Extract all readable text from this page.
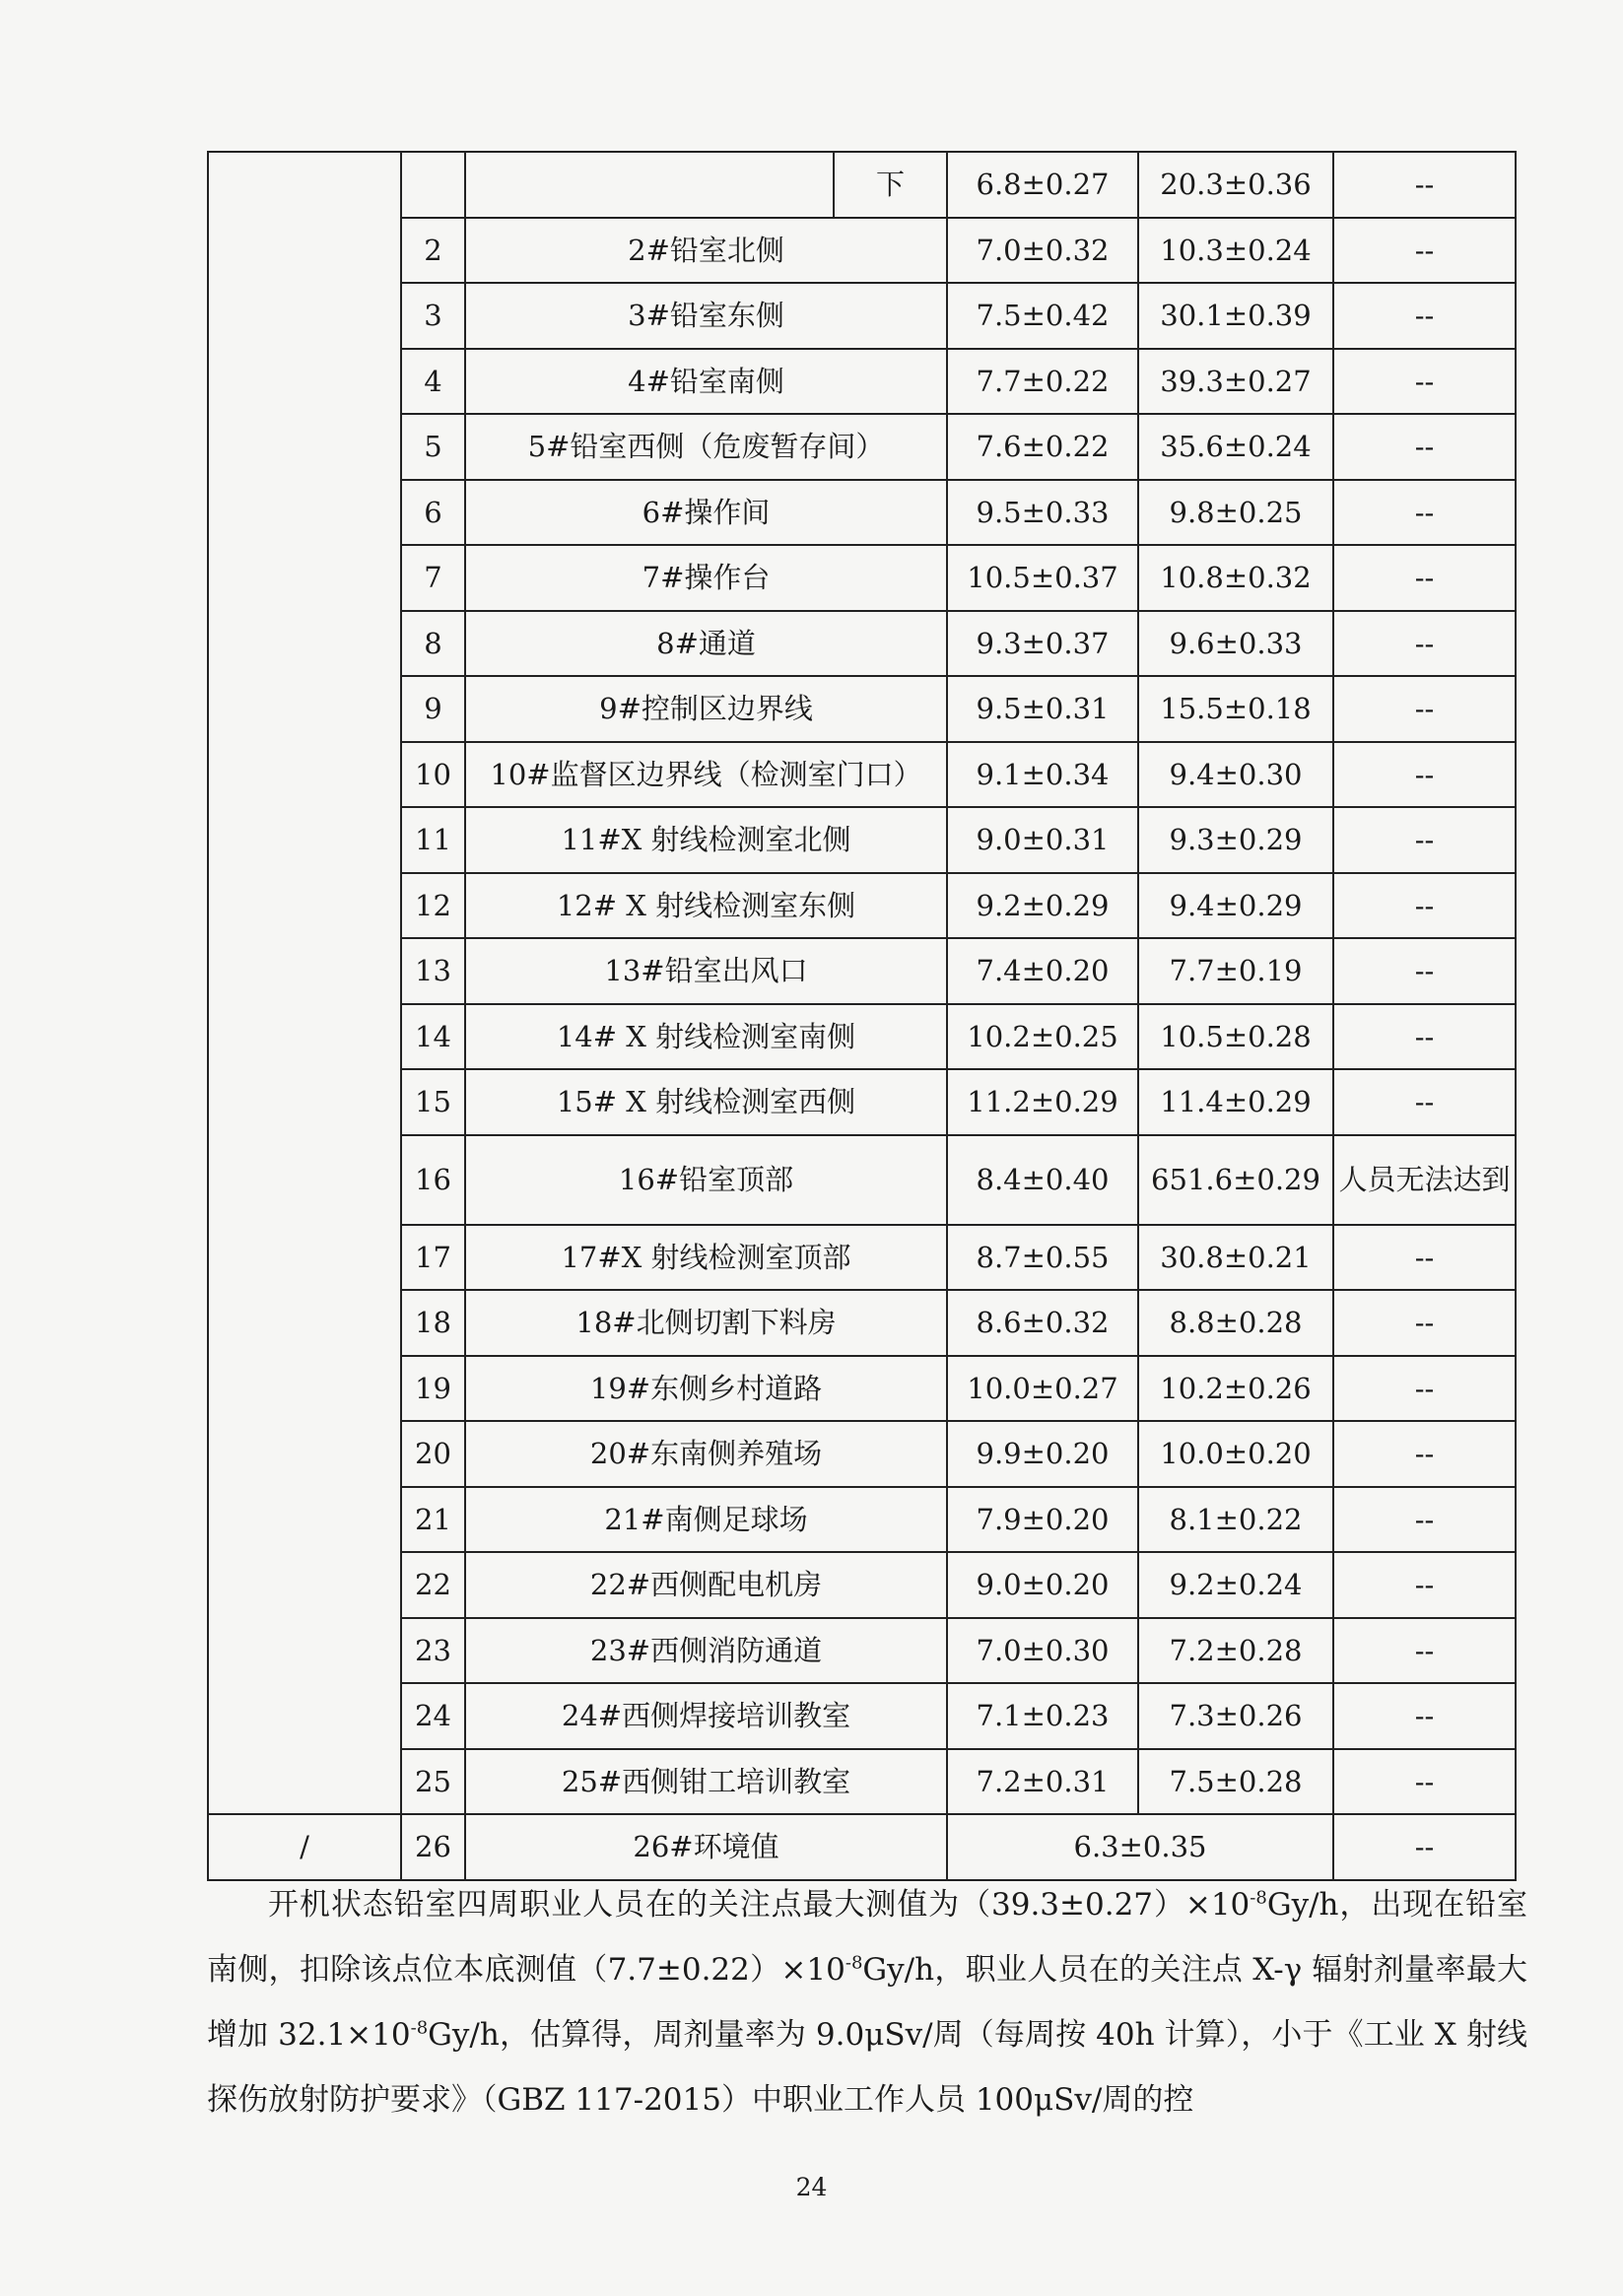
			下	6.8±0.27	20.3±0.36	--
	2	2#铅室北侧		7.0±0.32	10.3±0.24	--
	3	3#铅室东侧		7.5±0.42	30.1±0.39	--
	4	4#铅室南侧		7.7±0.22	39.3±0.27	--
	5	5#铅室西侧（危废暂存间）		7.6±0.22	35.6±0.24	--
	6	6#操作间		9.5±0.33	9.8±0.25	--
	7	7#操作台		10.5±0.37	10.8±0.32	--
	8	8#通道		9.3±0.37	9.6±0.33	--
	9	9#控制区边界线		9.5±0.31	15.5±0.18	--
	10	10#监督区边界线（检测室门口）		9.1±0.34	9.4±0.30	--
	11	11#X 射线检测室北侧		9.0±0.31	9.3±0.29	--
	12	12# X 射线检测室东侧		9.2±0.29	9.4±0.29	--
	13	13#铅室出风口		7.4±0.20	7.7±0.19	--
	14	14# X 射线检测室南侧		10.2±0.25	10.5±0.28	--
	15	15# X 射线检测室西侧		11.2±0.29	11.4±0.29	--
	16	16#铅室顶部		8.4±0.40	651.6±0.29	人员无法达到
	17	17#X 射线检测室顶部		8.7±0.55	30.8±0.21	--
	18	18#北侧切割下料房		8.6±0.32	8.8±0.28	--
	19	19#东侧乡村道路		10.0±0.27	10.2±0.26	--
	20	20#东南侧养殖场		9.9±0.20	10.0±0.20	--
	21	21#南侧足球场		7.9±0.20	8.1±0.22	--
	22	22#西侧配电机房		9.0±0.20	9.2±0.24	--
	23	23#西侧消防通道		7.0±0.30	7.2±0.28	--
	24	24#西侧焊接培训教室		7.1±0.23	7.3±0.26	--
	25	25#西侧钳工培训教室		7.2±0.31	7.5±0.28	--
/	26	26#环境值		6.3±0.35		--

开机状态铅室四周职业人员在的关注点最大测值为$(39.3\pm 0.27)\times 10^{-8}Gy/h$，出现在铅室南侧，扣除该点位本底测值$(7.7\pm 0.22)\times 10^{-8}Gy/h$，职业人员在的关注点 X-γ 辐射剂量率最大增加 $32.1\times 10^{-8}Gy/h$，估算得，周剂量率为 9.0μSv/周（每周按 40h 计算），小于《工业 X 射线探伤放射防护要求》（GBZ 117-2015）中职业工作人员 100μSv/周的控

24
